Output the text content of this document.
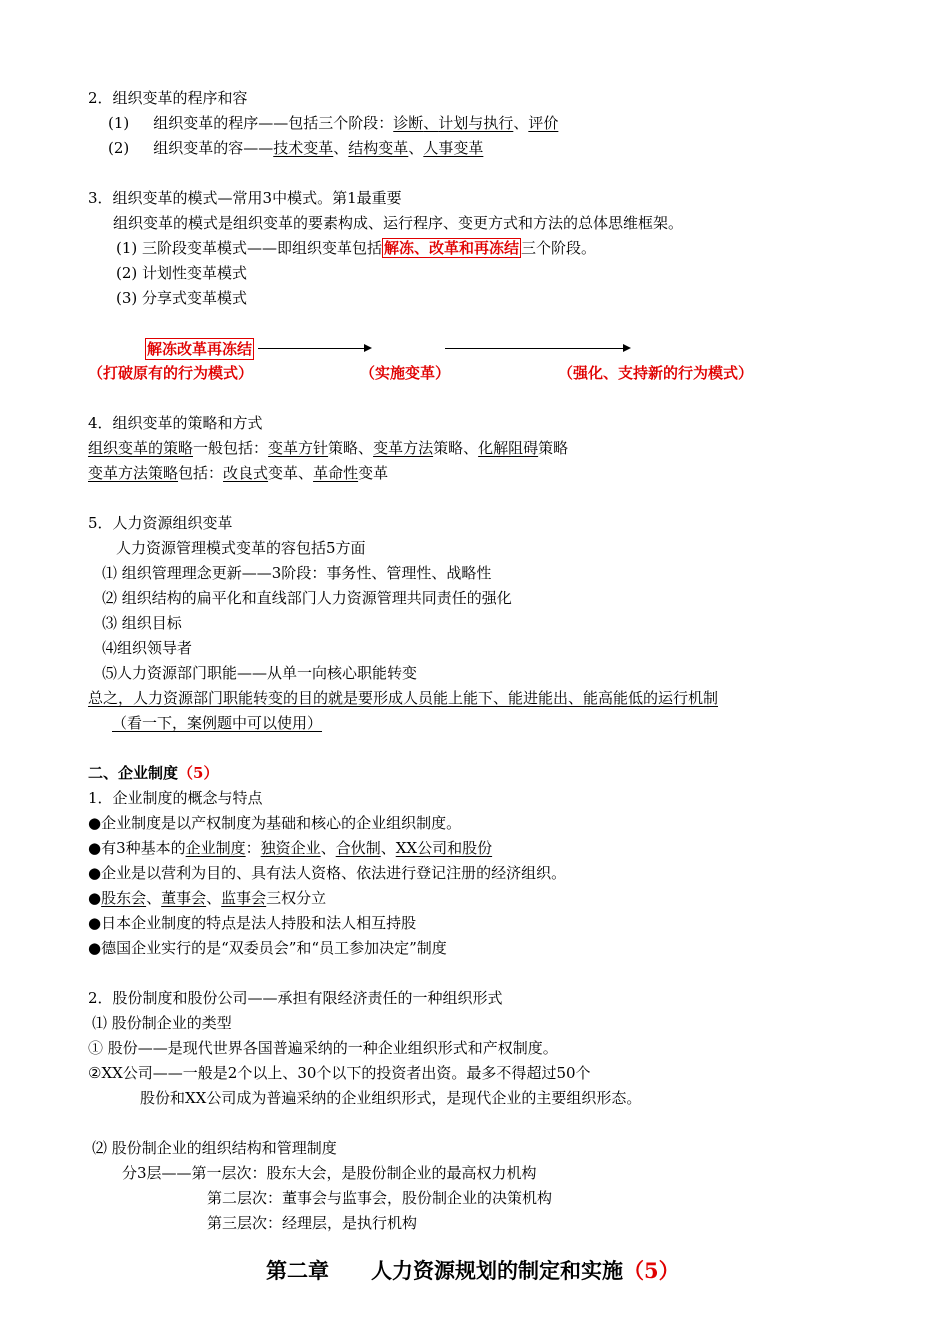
2．组织变革的程序和容
(1) 组织变革的程序——包括三个阶段：诊断、计划与执行、评价
(2) 组织变革的容——技术变革、结构变革、人事变革
3．组织变革的模式—常用3中模式。第1最重要
组织变革的模式是组织变革的要素构成、运行程序、变更方式和方法的总体思维框架。
(1) 三阶段变革模式——即组织变革包括 解冻、改革和再冻结 三个阶段。
(2) 计划性变革模式
(3) 分享式变革模式
解冻改革再冻结
（打破原有的行为模式）	（实施变革）	（强化、支持新的行为模式）
4．组织变革的策略和方式
组织变革的策略一般包括：变革方针策略、变革方法策略、化解阻碍策略
变革方法策略包括：改良式变革、革命性变革
5．人力资源组织变革
人力资源管理模式变革的容包括5方面
⑴ 组织管理理念更新——3阶段：事务性、管理性、战略性
⑵ 组织结构的扁平化和直线部门人力资源管理共同责任的强化
⑶ 组织目标
⑷组织领导者
⑸人力资源部门职能——从单一向核心职能转变
总之，人力资源部门职能转变的目的就是要形成人员能上能下、能进能出、能高能低的运行机制
（看一下，案例题中可以使用）
二、企业制度（5）
1．企业制度的概念与特点
●企业制度是以产权制度为基础和核心的企业组织制度。
●有3种基本的企业制度：独资企业、合伙制、XX公司和股份
●企业是以营利为目的、具有法人资格、依法进行登记注册的经济组织。
●股东会、董事会、监事会三权分立
●日本企业制度的特点是法人持股和法人相互持股
●德国企业实行的是“双委员会”和“员工参加决定”制度
2．股份制度和股份公司——承担有限经济责任的一种组织形式
⑴ 股份制企业的类型
① 股份——是现代世界各国普遍采纳的一种企业组织形式和产权制度。
②XX公司——一般是2个以上、30个以下的投资者出资。最多不得超过50个
股份和XX公司成为普遍采纳的企业组织形式，是现代企业的主要组织形态。
⑵ 股份制企业的组织结构和管理制度
分3层——第一层次：股东大会，是股份制企业的最高权力机构
第二层次：董事会与监事会，股份制企业的决策机构
第三层次：经理层，是执行机构
第二章　　人力资源规划的制定和实施（5）
